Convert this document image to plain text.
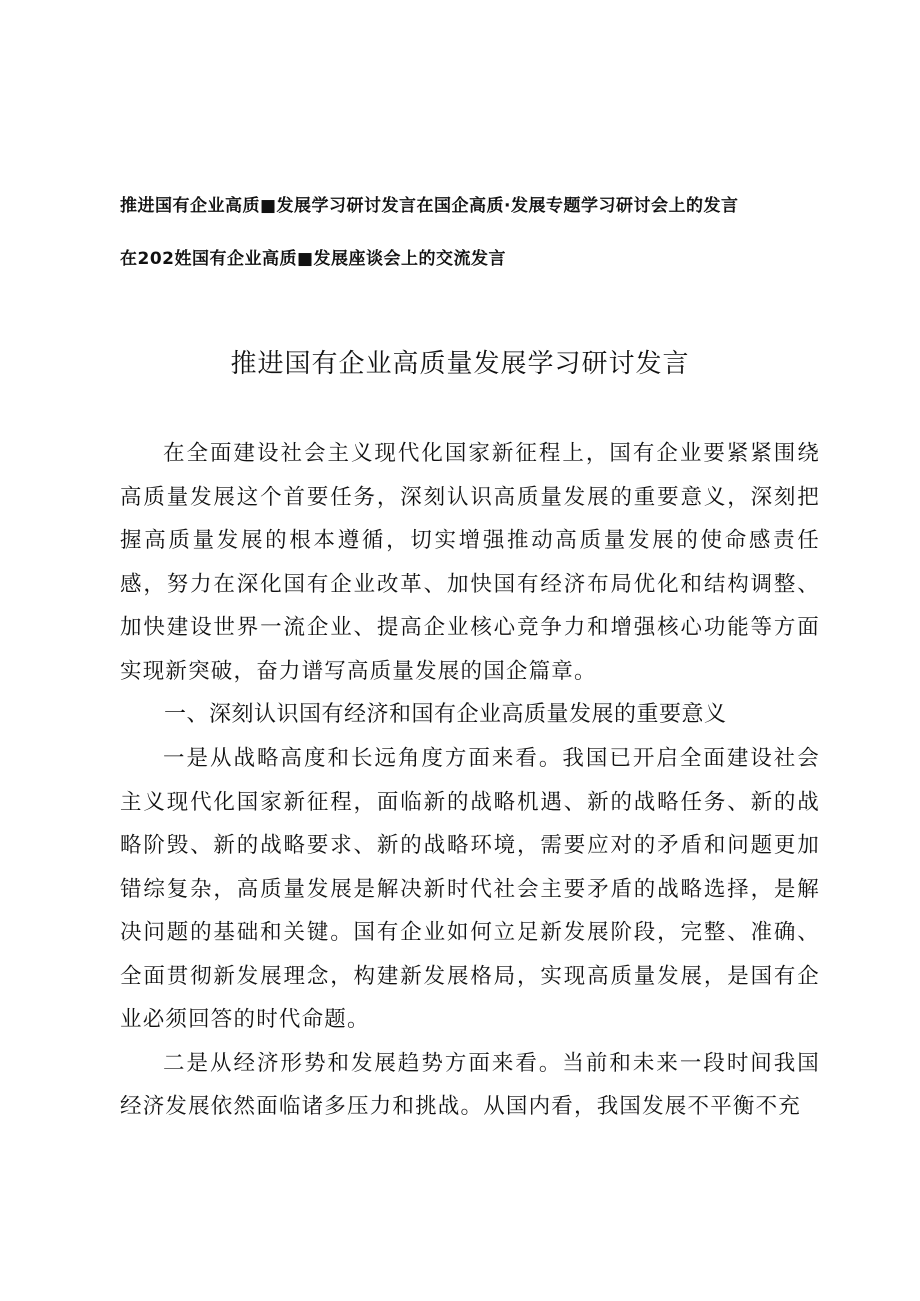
推进国有企业高质■发展学习研讨发言在国企高质·发展专题学习研讨会上的发言
在202姓国有企业高质■发展座谈会上的交流发言
推进国有企业高质量发展学习研讨发言

在全面建设社会主义现代化国家新征程上，国有企业要紧紧围绕高质量发展这个首要任务，深刻认识高质量发展的重要意义，深刻把握高质量发展的根本遵循，切实增强推动高质量发展的使命感责任感，努力在深化国有企业改革、加快国有经济布局优化和结构调整、加快建设世界一流企业、提高企业核心竞争力和增强核心功能等方面实现新突破，奋力谱写高质量发展的国企篇章。

一、深刻认识国有经济和国有企业高质量发展的重要意义

一是从战略高度和长远角度方面来看。我国已开启全面建设社会主义现代化国家新征程，面临新的战略机遇、新的战略任务、新的战略阶毁、新的战略要求、新的战略环境，需要应对的矛盾和问题更加错综复杂，高质量发展是解决新时代社会主要矛盾的战略选择，是解决问题的基础和关键。国有企业如何立足新发展阶段，完整、准确、全面贯彻新发展理念，构建新发展格局，实现高质量发展，是国有企业必须回答的时代命题。

二是从经济形势和发展趋势方面来看。当前和未来一段时间我国经济发展依然面临诸多压力和挑战。从国内看，我国发展不平衡不充
